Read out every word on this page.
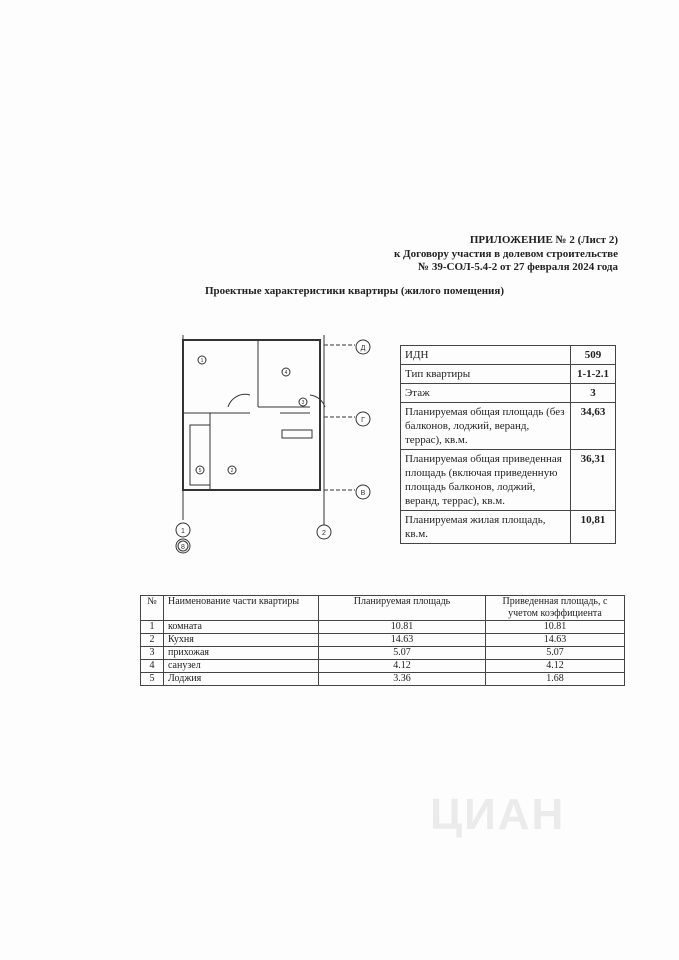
ПРИЛОЖЕНИЕ № 2 (Лист 2)
к Договору участия в долевом строительстве
№ 39-СОЛ-5.4-2 от 27 февраля 2024 года
Проектные характеристики квартиры (жилого помещения)
1
2
3
4
5
Д
Г
В
1
8
2
ИДН	509
Тип квартиры	1-1-2.1
Этаж	3
Планируемая общая площадь (без балконов, лоджий, веранд, террас), кв.м.	34,63
Планируемая общая приведенная площадь (включая приведенную площадь балконов, лоджий, веранд, террас), кв.м.	36,31
Планируемая жилая площадь, кв.м.	10,81
№	Наименование части квартиры	Планируемая площадь	Приведенная площадь, с учетом коэффициента
1	комната	10.81	10.81
2	Кухня	14.63	14.63
3	прихожая	5.07	5.07
4	санузел	4.12	4.12
5	Лоджия	3.36	1.68
ЦИАН
